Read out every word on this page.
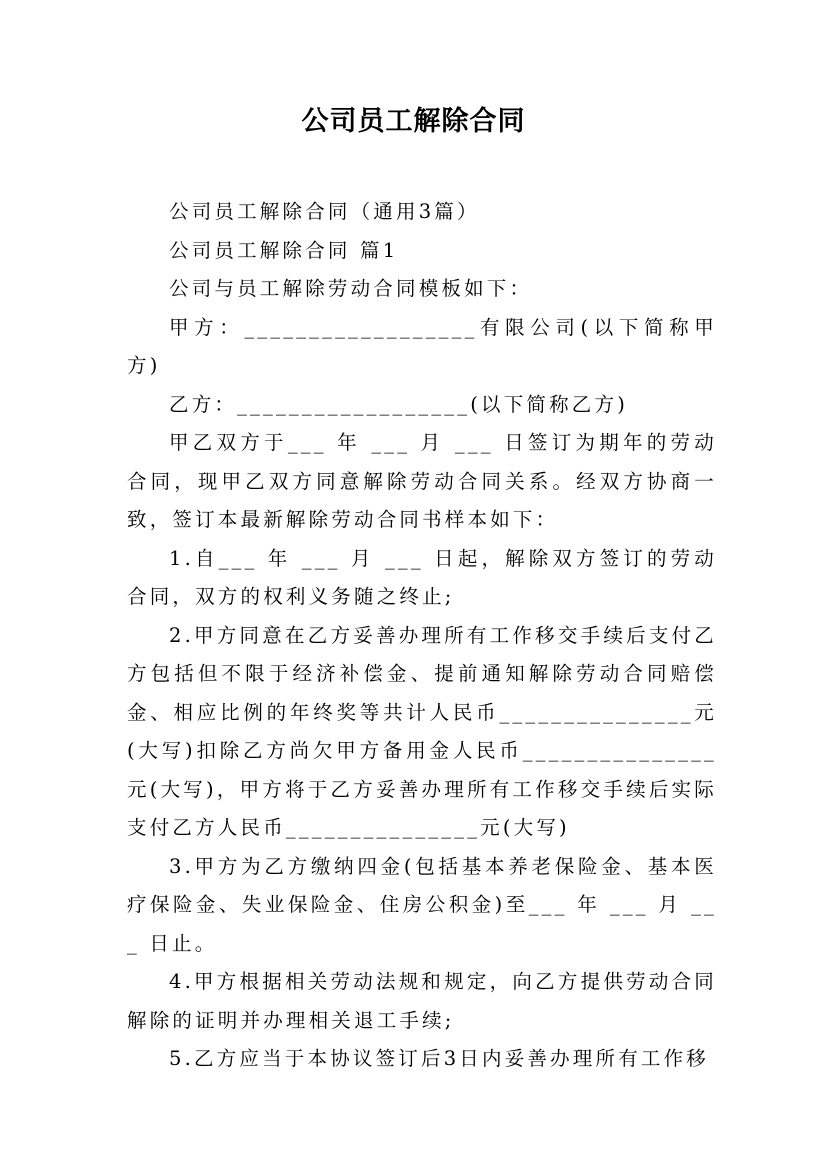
公司员工解除合同

公司员工解除合同（通用3篇）

公司员工解除合同 篇1

公司与员工解除劳动合同模板如下：

甲方：__________________有限公司(以下简称甲方)

乙方：__________________(以下简称乙方)

甲乙双方于___ 年 ___ 月 ___ 日签订为期年的劳动合同，现甲乙双方同意解除劳动合同关系。经双方协商一致，签订本最新解除劳动合同书样本如下：

1.自___ 年 ___ 月 ___ 日起，解除双方签订的劳动合同，双方的权利义务随之终止;

2.甲方同意在乙方妥善办理所有工作移交手续后支付乙方包括但不限于经济补偿金、提前通知解除劳动合同赔偿金、相应比例的年终奖等共计人民币_______________元(大写)扣除乙方尚欠甲方备用金人民币_______________元(大写)，甲方将于乙方妥善办理所有工作移交手续后实际支付乙方人民币_______________元(大写)

3.甲方为乙方缴纳四金(包括基本养老保险金、基本医疗保险金、失业保险金、住房公积金)至___ 年 ___ 月 ___ 日止。

4.甲方根据相关劳动法规和规定，向乙方提供劳动合同解除的证明并办理相关退工手续;

5.乙方应当于本协议签订后3日内妥善办理所有工作移
